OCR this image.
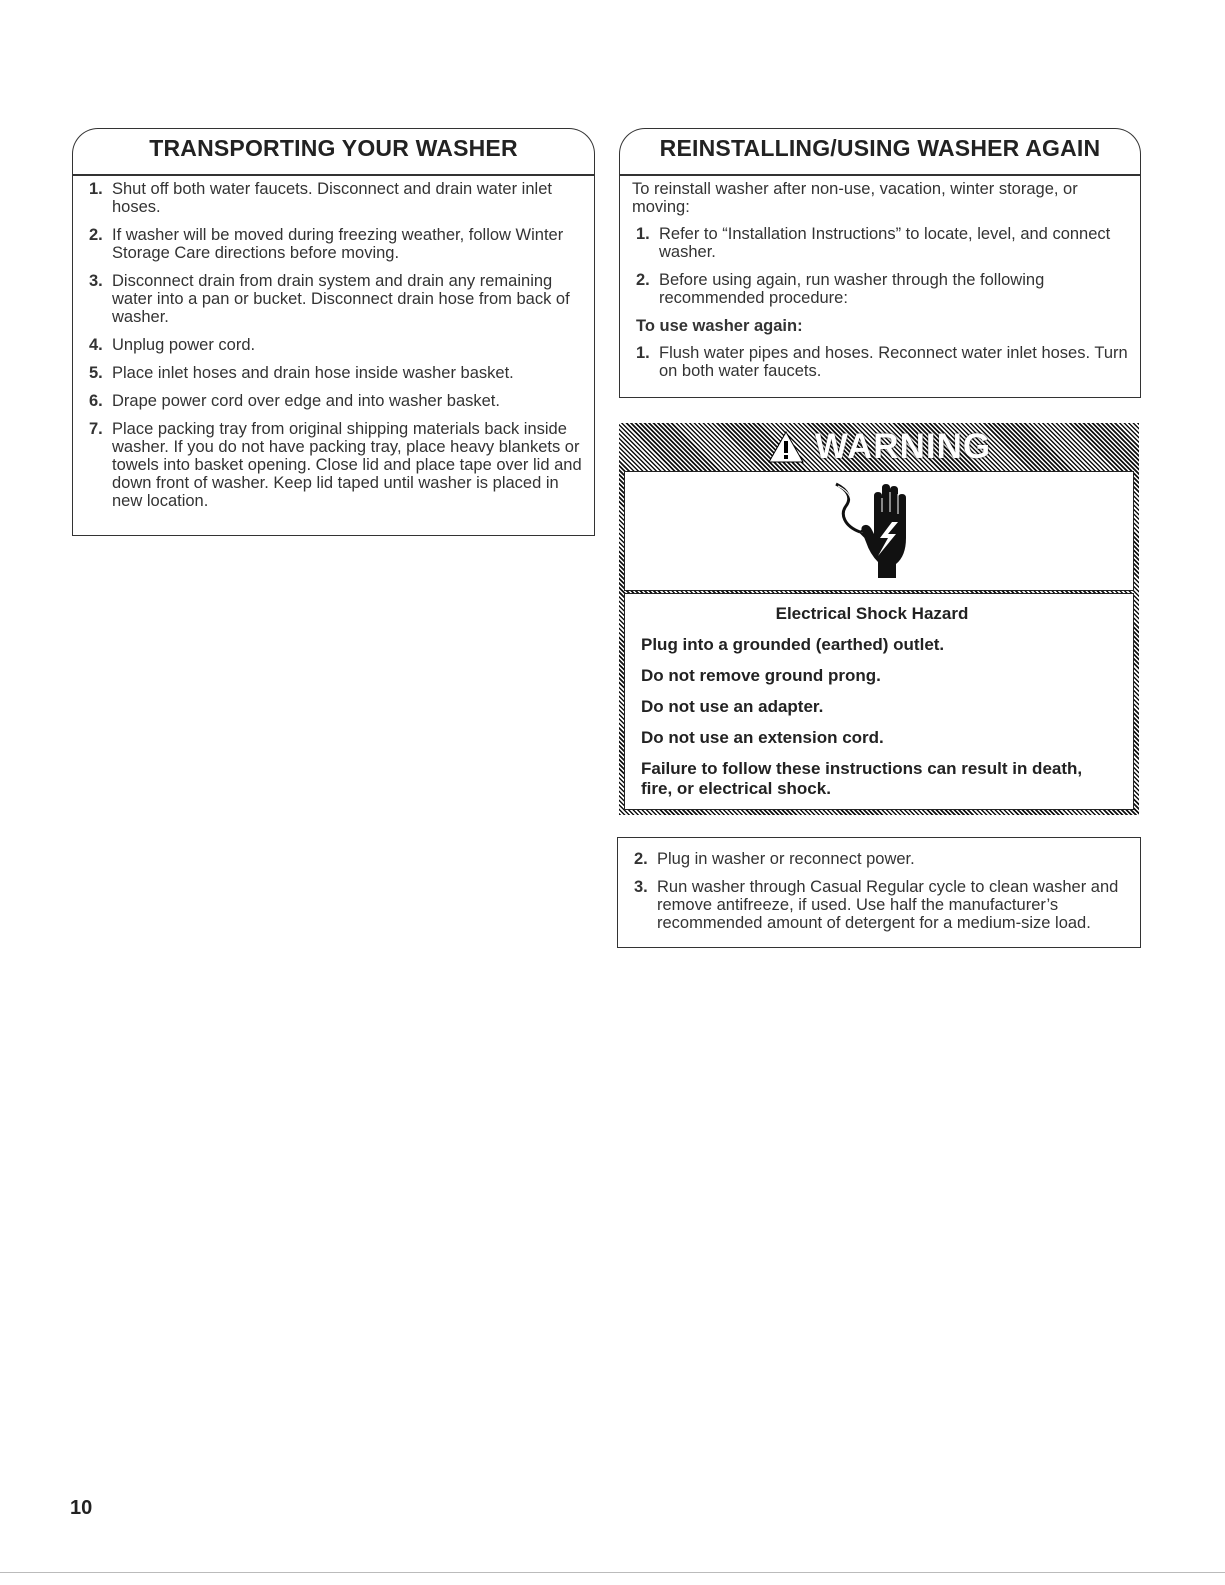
TRANSPORTING YOUR WASHER
1. Shut off both water faucets. Disconnect and drain water inlet hoses.
2. If washer will be moved during freezing weather, follow Winter Storage Care directions before moving.
3. Disconnect drain from drain system and drain any remaining water into a pan or bucket. Disconnect drain hose from back of washer.
4. Unplug power cord.
5. Place inlet hoses and drain hose inside washer basket.
6. Drape power cord over edge and into washer basket.
7. Place packing tray from original shipping materials back inside washer. If you do not have packing tray, place heavy blankets or towels into basket opening. Close lid and place tape over lid and down front of washer. Keep lid taped until washer is placed in new location.
REINSTALLING/USING WASHER AGAIN

To reinstall washer after non-use, vacation, winter storage, or moving:

1. Refer to “Installation Instructions” to locate, level, and connect washer.
2. Before using again, run washer through the following recommended procedure:

To use washer again:

1. Flush water pipes and hoses. Reconnect water inlet hoses. Turn on both water faucets.
WARNING

Electrical Shock Hazard

Plug into a grounded (earthed) outlet.

Do not remove ground prong.

Do not use an adapter.

Do not use an extension cord.

Failure to follow these instructions can result in death, fire, or electrical shock.

2. Plug in washer or reconnect power.
3. Run washer through Casual Regular cycle to clean washer and remove antifreeze, if used. Use half the manufacturer’s recommended amount of detergent for a medium-size load.
10
